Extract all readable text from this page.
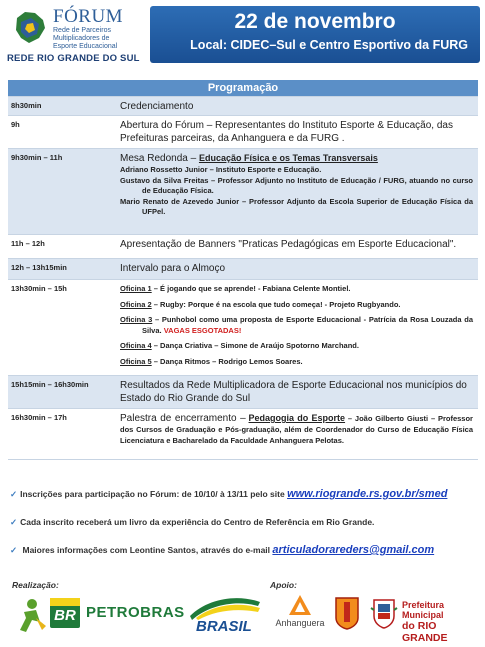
FÓRUM
Rede de Parceiros
Multiplicadores de
Esporte Educacional
REDE RIO GRANDE DO SUL
22 de novembro
Local: CIDEC–Sul e Centro Esportivo da FURG
Programação
8h30min	Credenciamento
9h	Abertura do Fórum – Representantes do Instituto Esporte & Educação, das Prefeituras parceiras, da Anhanguera e da FURG .
9h30min – 11h	Mesa Redonda – Educação Física e os Temas Transversais
Adriano Rossetto Junior – Instituto Esporte e Educação.
Gustavo da Silva Freitas – Professor Adjunto no Instituto de Educação / FURG, atuando no curso de Educação Física.
Mario Renato de Azevedo Junior – Professor Adjunto da Escola Superior de Educação Física da UFPel.
11h – 12h	Apresentação de Banners "Praticas Pedagógicas em Esporte Educacional".
12h – 13h15min	Intervalo para o Almoço
13h30min – 15h	Oficina 1 – É jogando que se aprende! - Fabiana Celente Montiel.
Oficina 2 – Rugby: Porque é na escola que tudo começa! - Projeto Rugbyando.
Oficina 3 – Punhobol como uma proposta de Esporte Educacional - Patrícia da Rosa Louzada da Silva. VAGAS ESGOTADAS!
Oficina 4 – Dança Criativa – Simone de Araújo Spotorno Marchand.
Oficina 5 – Dança Ritmos – Rodrigo Lemos Soares.
15h15min – 16h30min	Resultados da Rede Multiplicadora de Esporte Educacional nos municípios do Estado do Rio Grande do Sul
16h30min – 17h	Palestra de encerramento – Pedagogia do Esporte – João Gilberto Giusti – Professor dos Cursos de Graduação e Pós-graduação, além de Coordenador do Curso de Educação Física Licenciatura e Bacharelado da Faculdade Anhanguera Pelotas.
✓ Inscrições para participação no Fórum: de 10/10/ à 13/11 pelo site www.riogrande.rs.gov.br/smed
✓ Cada inscrito receberá um livro da experiência do Centro de Referência em Rio Grande.
✓ Maiores informações com Leontine Santos, através do e-mail articuladorareders@gmail.com
Realização:	Apoio:
BR PETROBRAS
BRASIL	Anhanguera
Prefeitura Municipal
do RIO GRANDE
